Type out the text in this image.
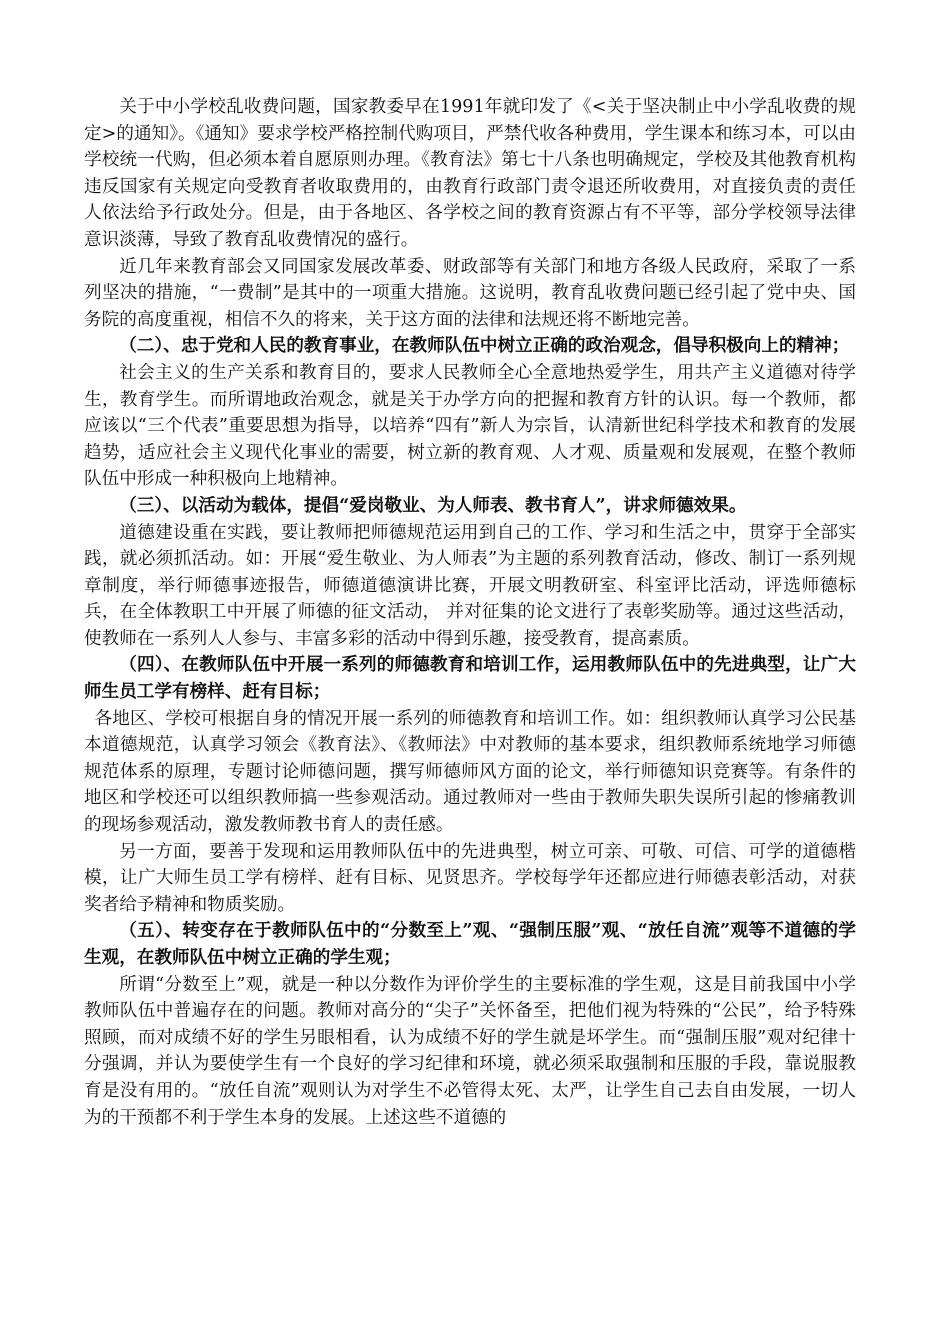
关于中小学校乱收费问题，国家教委早在1991年就印发了《<关于坚决制止中小学乱收费的规定>的通知》。《通知》要求学校严格控制代购项目，严禁代收各种费用，学生课本和练习本，可以由学校统一代购，但必须本着自愿原则办理。《教育法》第七十八条也明确规定，学校及其他教育机构违反国家有关规定向受教育者收取费用的，由教育行政部门责令退还所收费用，对直接负责的责任人依法给予行政处分。但是，由于各地区、各学校之间的教育资源占有不平等，部分学校领导法律意识淡薄，导致了教育乱收费情况的盛行。

近几年来教育部会又同国家发展改革委、财政部等有关部门和地方各级人民政府，采取了一系列坚决的措施，“一费制”是其中的一项重大措施。这说明，教育乱收费问题已经引起了党中央、国务院的高度重视，相信不久的将来，关于这方面的法律和法规还将不断地完善。

（二）、忠于党和人民的教育事业，在教师队伍中树立正确的政治观念，倡导积极向上的精神；

社会主义的生产关系和教育目的，要求人民教师全心全意地热爱学生，用共产主义道德对待学生，教育学生。而所谓地政治观念，就是关于办学方向的把握和教育方针的认识。每一个教师，都应该以“三个代表”重要思想为指导，以培养“四有”新人为宗旨，认清新世纪科学技术和教育的发展趋势，适应社会主义现代化事业的需要，树立新的教育观、人才观、质量观和发展观，在整个教师队伍中形成一种积极向上地精神。

（三）、以活动为载体，提倡“爱岗敬业、为人师表、教书育人”，讲求师德效果。

道德建设重在实践，要让教师把师德规范运用到自己的工作、学习和生活之中，贯穿于全部实践，就必须抓活动。如：开展“爱生敬业、为人师表”为主题的系列教育活动，修改、制订一系列规章制度，举行师德事迹报告，师德道德演讲比赛，开展文明教研室、科室评比活动，评选师德标兵，在全体教职工中开展了师德的征文活动， 并对征集的论文进行了表彰奖励等。通过这些活动，使教师在一系列人人参与、丰富多彩的活动中得到乐趣，接受教育，提高素质。

（四）、在教师队伍中开展一系列的师德教育和培训工作，运用教师队伍中的先进典型，让广大师生员工学有榜样、赶有目标；

各地区、学校可根据自身的情况开展一系列的师德教育和培训工作。如：组织教师认真学习公民基本道德规范，认真学习领会《教育法》、《教师法》中对教师的基本要求，组织教师系统地学习师德规范体系的原理，专题讨论师德问题，撰写师德师风方面的论文，举行师德知识竞赛等。有条件的地区和学校还可以组织教师搞一些参观活动。通过教师对一些由于教师失职失误所引起的惨痛教训的现场参观活动，激发教师教书育人的责任感。

另一方面，要善于发现和运用教师队伍中的先进典型，树立可亲、可敬、可信、可学的道德楷模，让广大师生员工学有榜样、赶有目标、见贤思齐。学校每学年还都应进行师德表彰活动，对获奖者给予精神和物质奖励。

（五）、转变存在于教师队伍中的“分数至上”观、“强制压服”观、“放任自流”观等不道德的学生观，在教师队伍中树立正确的学生观；

所谓“分数至上”观，就是一种以分数作为评价学生的主要标准的学生观，这是目前我国中小学教师队伍中普遍存在的问题。教师对高分的“尖子”关怀备至，把他们视为特殊的“公民”，给予特殊照顾，而对成绩不好的学生另眼相看，认为成绩不好的学生就是坏学生。而“强制压服”观对纪律十分强调，并认为要使学生有一个良好的学习纪律和环境，就必须采取强制和压服的手段，靠说服教育是没有用的。“放任自流”观则认为对学生不必管得太死、太严，让学生自己去自由发展，一切人为的干预都不利于学生本身的发展。上述这些不道德的
